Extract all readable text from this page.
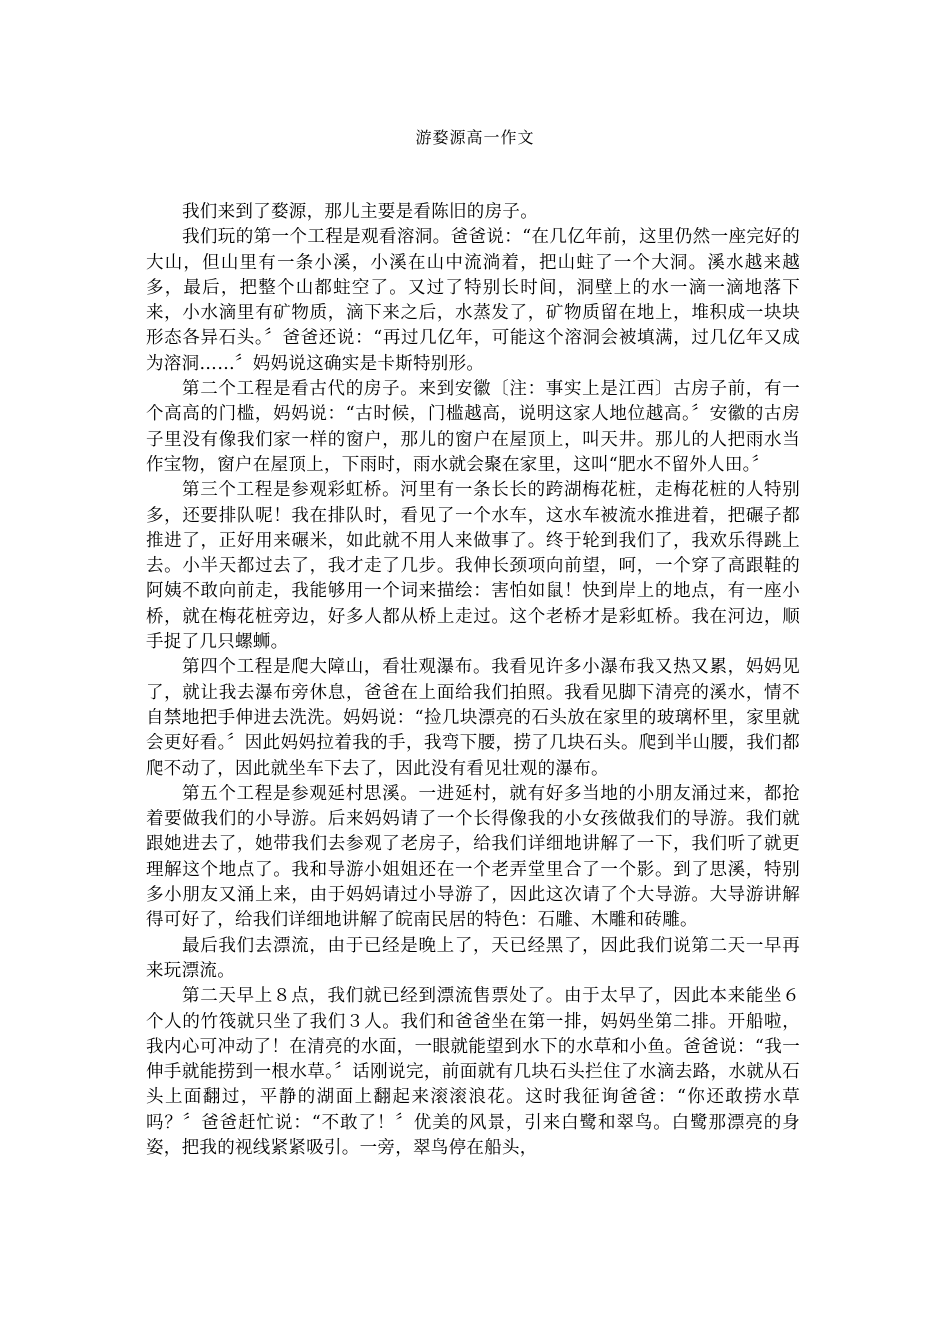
游婺源高一作文

我们来到了婺源，那儿主要是看陈旧的房子。

我们玩的第一个工程是观看溶洞。爸爸说：“在几亿年前，这里仍然一座完好的大山，但山里有一条小溪，小溪在山中流淌着，把山蛀了一个大洞。溪水越来越多，最后，把整个山都蛀空了。又过了特别长时间，洞壁上的水一滴一滴地落下来，小水滴里有矿物质，滴下来之后，水蒸发了，矿物质留在地上，堆积成一块块形态各异石头。〞爸爸还说：“再过几亿年，可能这个溶洞会被填满，过几亿年又成为溶洞……〞妈妈说这确实是卡斯特别形。

第二个工程是看古代的房子。来到安徽〔注：事实上是江西〕古房子前，有一个高高的门槛，妈妈说：“古时候，门槛越高，说明这家人地位越高。〞安徽的古房子里没有像我们家一样的窗户，那儿的窗户在屋顶上，叫天井。那儿的人把雨水当作宝物，窗户在屋顶上，下雨时，雨水就会聚在家里，这叫“肥水不留外人田。〞

第三个工程是参观彩虹桥。河里有一条长长的跨湖梅花桩，走梅花桩的人特别多，还要排队呢！我在排队时，看见了一个水车，这水车被流水推进着，把碾子都推进了，正好用来碾米，如此就不用人来做事了。终于轮到我们了，我欢乐得跳上去。小半天都过去了，我才走了几步。我伸长颈项向前望，呵，一个穿了高跟鞋的阿姨不敢向前走，我能够用一个词来描绘：害怕如鼠！快到岸上的地点，有一座小桥，就在梅花桩旁边，好多人都从桥上走过。这个老桥才是彩虹桥。我在河边，顺手捉了几只螺蛳。

第四个工程是爬大障山，看壮观瀑布。我看见许多小瀑布我又热又累，妈妈见了，就让我去瀑布旁休息，爸爸在上面给我们拍照。我看见脚下清亮的溪水，情不自禁地把手伸进去洗洗。妈妈说：“捡几块漂亮的石头放在家里的玻璃杯里，家里就会更好看。〞因此妈妈拉着我的手，我弯下腰，捞了几块石头。爬到半山腰，我们都爬不动了，因此就坐车下去了，因此没有看见壮观的瀑布。

第五个工程是参观延村思溪。一进延村，就有好多当地的小朋友涌过来，都抢着要做我们的小导游。后来妈妈请了一个长得像我的小女孩做我们的导游。我们就跟她进去了，她带我们去参观了老房子，给我们详细地讲解了一下，我们听了就更理解这个地点了。我和导游小姐姐还在一个老弄堂里合了一个影。到了思溪，特别多小朋友又涌上来，由于妈妈请过小导游了，因此这次请了个大导游。大导游讲解得可好了，给我们详细地讲解了皖南民居的特色：石雕、木雕和砖雕。

最后我们去漂流，由于已经是晚上了，天已经黑了，因此我们说第二天一早再来玩漂流。

第二天早上８点，我们就已经到漂流售票处了。由于太早了，因此本来能坐６个人的竹筏就只坐了我们３人。我们和爸爸坐在第一排，妈妈坐第二排。开船啦，我内心可冲动了！在清亮的水面，一眼就能望到水下的水草和小鱼。爸爸说：“我一伸手就能捞到一根水草。〞话刚说完，前面就有几块石头拦住了水滴去路，水就从石头上面翻过，平静的湖面上翻起来滚滚浪花。这时我征询爸爸：“你还敢捞水草吗？〞爸爸赶忙说：“不敢了！〞优美的风景，引来白鹭和翠鸟。白鹭那漂亮的身姿，把我的视线紧紧吸引。一旁，翠鸟停在船头，
